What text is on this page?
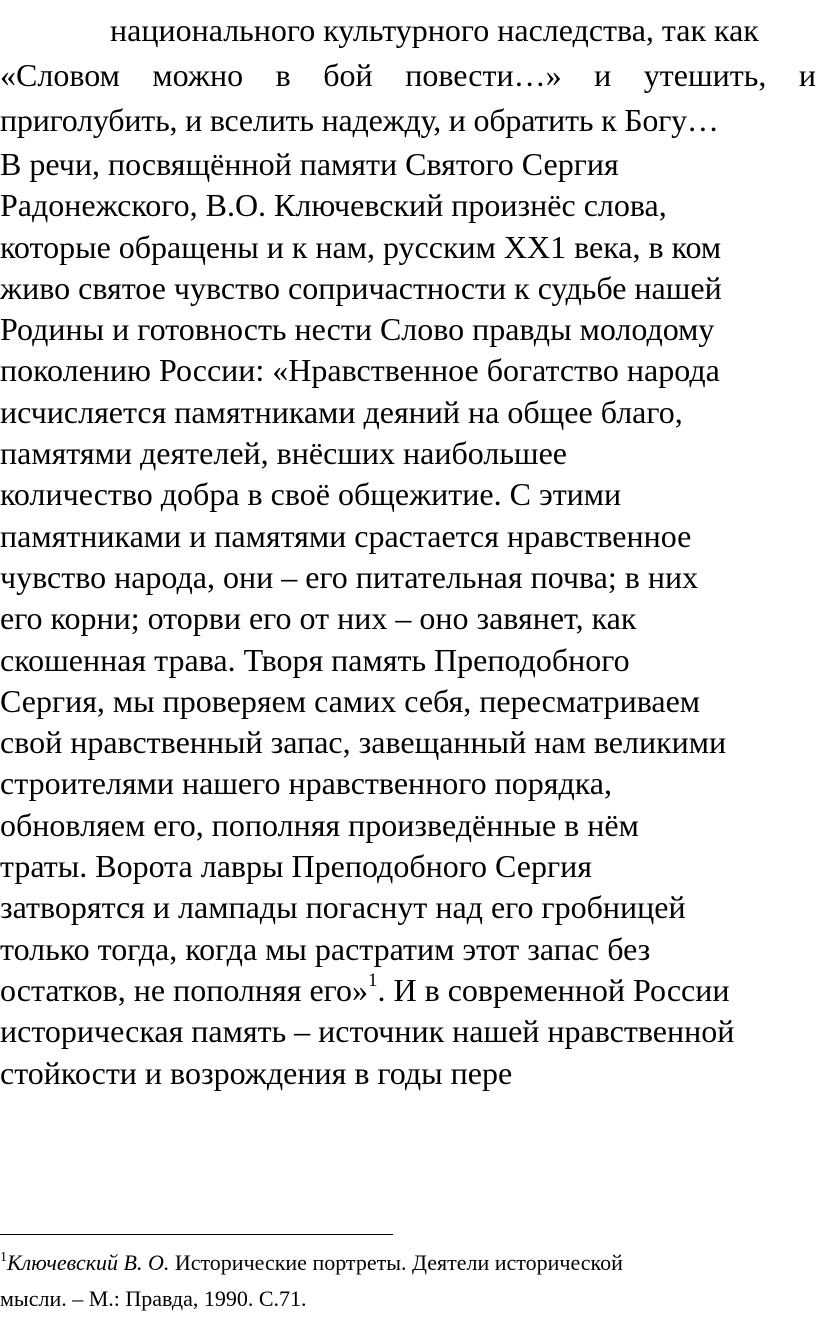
национального культурного наследства, так как
«Словом можно в бой повести…» и утешить, и
приголубить, и вселить надежду, и обратить к Богу…

В речи, посвящённой памяти Святого Сергия
Радонежского, В.О. Ключевский произнёс слова,
которые обращены и к нам, русским ХХ1 века, в ком
живо святое чувство сопричастности к судьбе нашей
Родины и готовность нести Слово правды молодому
поколению России: «Нравственное богатство народа
исчисляется памятниками деяний на общее благо,
памятями деятелей, внёсших наибольшее
количество добра в своё общежитие. С этими
памятниками и памятями срастается нравственное
чувство народа, они – его питательная почва; в них
его корни; оторви его от них – оно завянет, как
скошенная трава. Творя память Преподобного
Сергия, мы проверяем самих себя, пересматриваем
свой нравственный запас, завещанный нам великими
строителями нашего нравственного порядка,
обновляем его, пополняя произведённые в нём
траты. Ворота лавры Преподобного Сергия
затворятся и лампады погаснут над его гробницей
только тогда, когда мы растратим этот запас без
остатков, не пополняя его»$^1$. И в современной России
историческая память – источник нашей нравственной
стойкости и возрождения в годы пере

$^1$Ключевский В. О. Исторические портреты. Деятели исторической
мысли. – М.: Правда, 1990. С.71.
